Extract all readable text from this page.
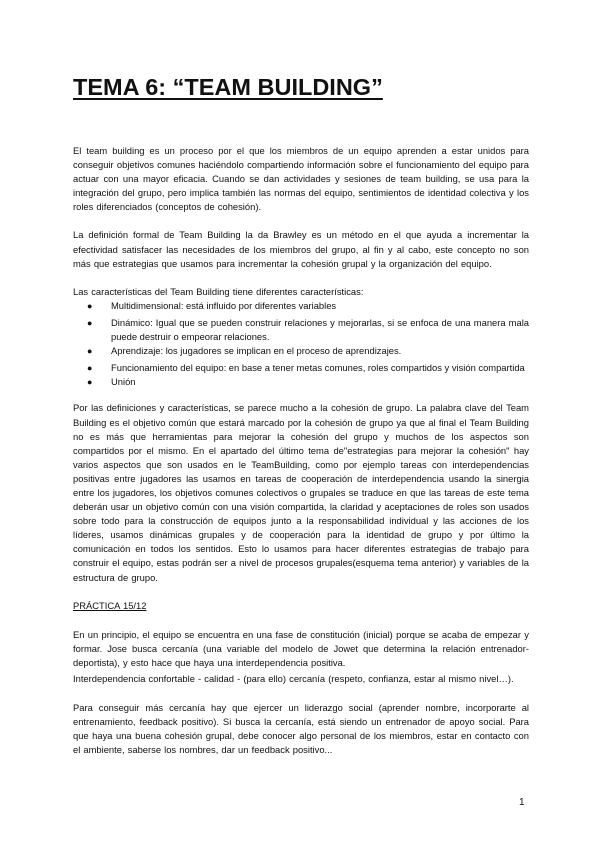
TEMA 6: “TEAM BUILDING”

El team building es un proceso por el que los miembros de un equipo aprenden a estar unidos para conseguir objetivos comunes haciéndolo compartiendo información sobre el funcionamiento del equipo para actuar con una mayor eficacia. Cuando se dan actividades y sesiones de team building, se usa para la integración del grupo, pero implica también las normas del equipo, sentimientos de identidad colectiva y los roles diferenciados (conceptos de cohesión).

La definición formal de Team Building la da Brawley es un método en el que ayuda a incrementar la efectividad satisfacer las necesidades de los miembros del grupo, al fin y al cabo, este concepto no son más que estrategias que usamos para incrementar la cohesión grupal y la organización del equipo.

Las características del Team Building tiene diferentes características:

● Multidimensional: está influido por diferentes variables
● Dinámico: Igual que se pueden construir relaciones y mejorarlas, si se enfoca de una manera mala puede destruir o empeorar relaciones.
● Aprendizaje: los jugadores se implican en el proceso de aprendizajes.
● Funcionamiento del equipo: en base a tener metas comunes, roles compartidos y visión compartida
● Unión

Por las definiciones y características, se parece mucho a la cohesión de grupo. La palabra clave del Team Building es el objetivo común que estará marcado por la cohesión de grupo ya que al final el Team Building no es más que herramientas para mejorar la cohesión del grupo y muchos de los aspectos son compartidos por el mismo. En el apartado del último tema de"estrategias para mejorar la cohesión" hay varios aspectos que son usados en le TeamBuilding, como por ejemplo tareas con interdependencias positivas entre jugadores las usamos en tareas de cooperación de interdependencia usando la sinergia entre los jugadores, los objetivos comunes colectivos o grupales se traduce en que las tareas de este tema deberán usar un objetivo común con una visión compartida, la claridad y aceptaciones de roles son usados sobre todo para la construcción de equipos junto a la responsabilidad individual y las acciones de los líderes, usamos dinámicas grupales y de cooperación para la identidad de grupo y por último la comunicación en todos los sentidos. Esto lo usamos para hacer diferentes estrategias de trabajo para construir el equipo, estas podrán ser a nivel de procesos grupales(esquema tema anterior) y variables de la estructura de grupo.

PRÁCTICA 15/12

En un principio, el equipo se encuentra en una fase de constitución (inicial) porque se acaba de empezar y formar. Jose busca cercanía (una variable del modelo de Jowet que determina la relación entrenador- deportista), y esto hace que haya una interdependencia positiva.

Interdependencia confortable - calidad - (para ello) cercanía (respeto, confianza, estar al mismo nivel…).

Para conseguir más cercanía hay que ejercer un liderazgo social (aprender nombre, incorporarte al entrenamiento, feedback positivo). Si busca la cercanía, está siendo un entrenador de apoyo social. Para que haya una buena cohesión grupal, debe conocer algo personal de los miembros, estar en contacto con el ambiente, saberse los nombres, dar un feedback positivo...

1
